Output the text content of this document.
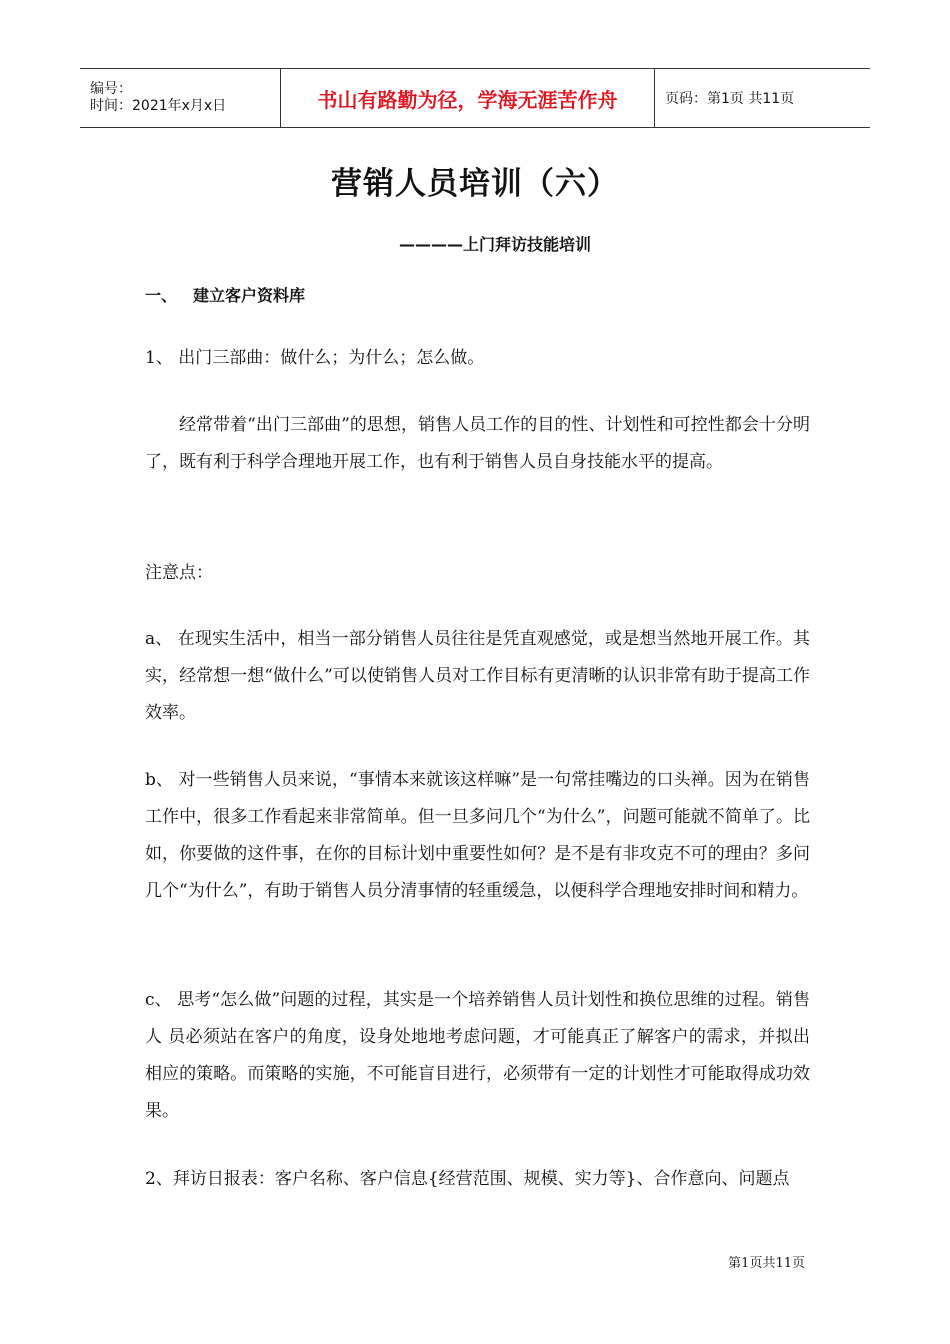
编号：
时间：2021年x月x日	书山有路勤为径，学海无涯苦作舟	页码：第1页 共11页
营销人员培训（六）
————上门拜访技能培训
一、 建立客户资料库
1、 出门三部曲：做什么；为什么；怎么做。
经常带着“出门三部曲”的思想，销售人员工作的目的性、计划性和可控性都会十分明了，既有利于科学合理地开展工作，也有利于销售人员自身技能水平的提高。
注意点：
a、 在现实生活中，相当一部分销售人员往往是凭直观感觉，或是想当然地开展工作。其实，经常想一想“做什么”可以使销售人员对工作目标有更清晰的认识非常有助于提高工作效率。
b、 对一些销售人员来说，“事情本来就该这样嘛”是一句常挂嘴边的口头禅。因为在销售工作中，很多工作看起来非常简单。但一旦多问几个“为什么”，问题可能就不简单了。比如，你要做的这件事，在你的目标计划中重要性如何？是不是有非攻克不可的理由？多问几个“为什么”，有助于销售人员分清事情的轻重缓急，以便科学合理地安排时间和精力。
c、 思考“怎么做”问题的过程，其实是一个培养销售人员计划性和换位思维的过程。销售人 员必须站在客户的角度，设身处地地考虑问题，才可能真正了解客户的需求，并拟出相应的策略。而策略的实施，不可能盲目进行，必须带有一定的计划性才可能取得成功效果。
2、拜访日报表：客户名称、客户信息{经营范围、规模、实力等}、合作意向、问题点
第1页共11页
